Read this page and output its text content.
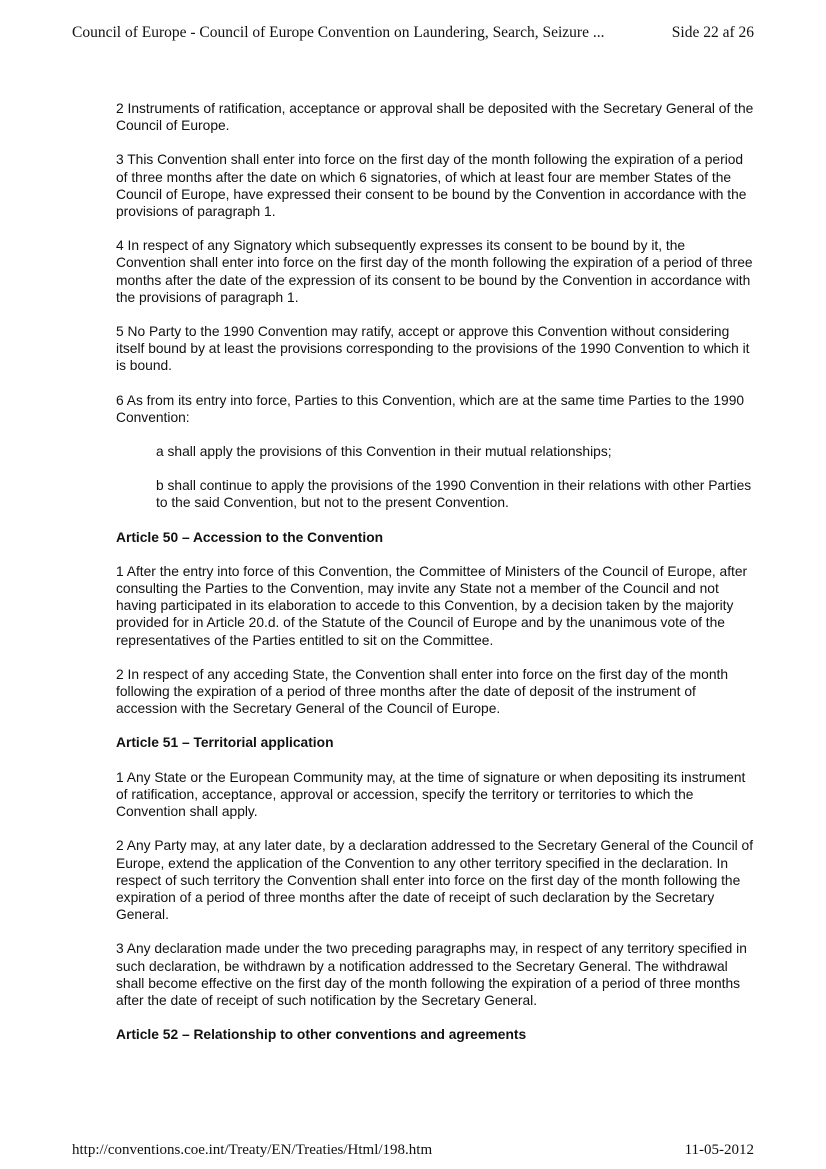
Council of Europe - Council of Europe Convention on Laundering, Search, Seizure ...	Side 22 af 26

2 Instruments of ratification, acceptance or approval shall be deposited with the Secretary General of the Council of Europe.

3 This Convention shall enter into force on the first day of the month following the expiration of a period of three months after the date on which 6 signatories, of which at least four are member States of the Council of Europe, have expressed their consent to be bound by the Convention in accordance with the provisions of paragraph 1.

4 In respect of any Signatory which subsequently expresses its consent to be bound by it, the Convention shall enter into force on the first day of the month following the expiration of a period of three months after the date of the expression of its consent to be bound by the Convention in accordance with the provisions of paragraph 1.

5 No Party to the 1990 Convention may ratify, accept or approve this Convention without considering itself bound by at least the provisions corresponding to the provisions of the 1990 Convention to which it is bound.

6 As from its entry into force, Parties to this Convention, which are at the same time Parties to the 1990 Convention:

a shall apply the provisions of this Convention in their mutual relationships;

b shall continue to apply the provisions of the 1990 Convention in their relations with other Parties to the said Convention, but not to the present Convention.

Article 50 – Accession to the Convention

1 After the entry into force of this Convention, the Committee of Ministers of the Council of Europe, after consulting the Parties to the Convention, may invite any State not a member of the Council and not having participated in its elaboration to accede to this Convention, by a decision taken by the majority provided for in Article 20.d. of the Statute of the Council of Europe and by the unanimous vote of the representatives of the Parties entitled to sit on the Committee.

2 In respect of any acceding State, the Convention shall enter into force on the first day of the month following the expiration of a period of three months after the date of deposit of the instrument of accession with the Secretary General of the Council of Europe.

Article 51 – Territorial application

1 Any State or the European Community may, at the time of signature or when depositing its instrument of ratification, acceptance, approval or accession, specify the territory or territories to which the Convention shall apply.

2 Any Party may, at any later date, by a declaration addressed to the Secretary General of the Council of Europe, extend the application of the Convention to any other territory specified in the declaration. In respect of such territory the Convention shall enter into force on the first day of the month following the expiration of a period of three months after the date of receipt of such declaration by the Secretary General.

3 Any declaration made under the two preceding paragraphs may, in respect of any territory specified in such declaration, be withdrawn by a notification addressed to the Secretary General. The withdrawal shall become effective on the first day of the month following the expiration of a period of three months after the date of receipt of such notification by the Secretary General.

Article 52 – Relationship to other conventions and agreements

http://conventions.coe.int/Treaty/EN/Treaties/Html/198.htm	11-05-2012
